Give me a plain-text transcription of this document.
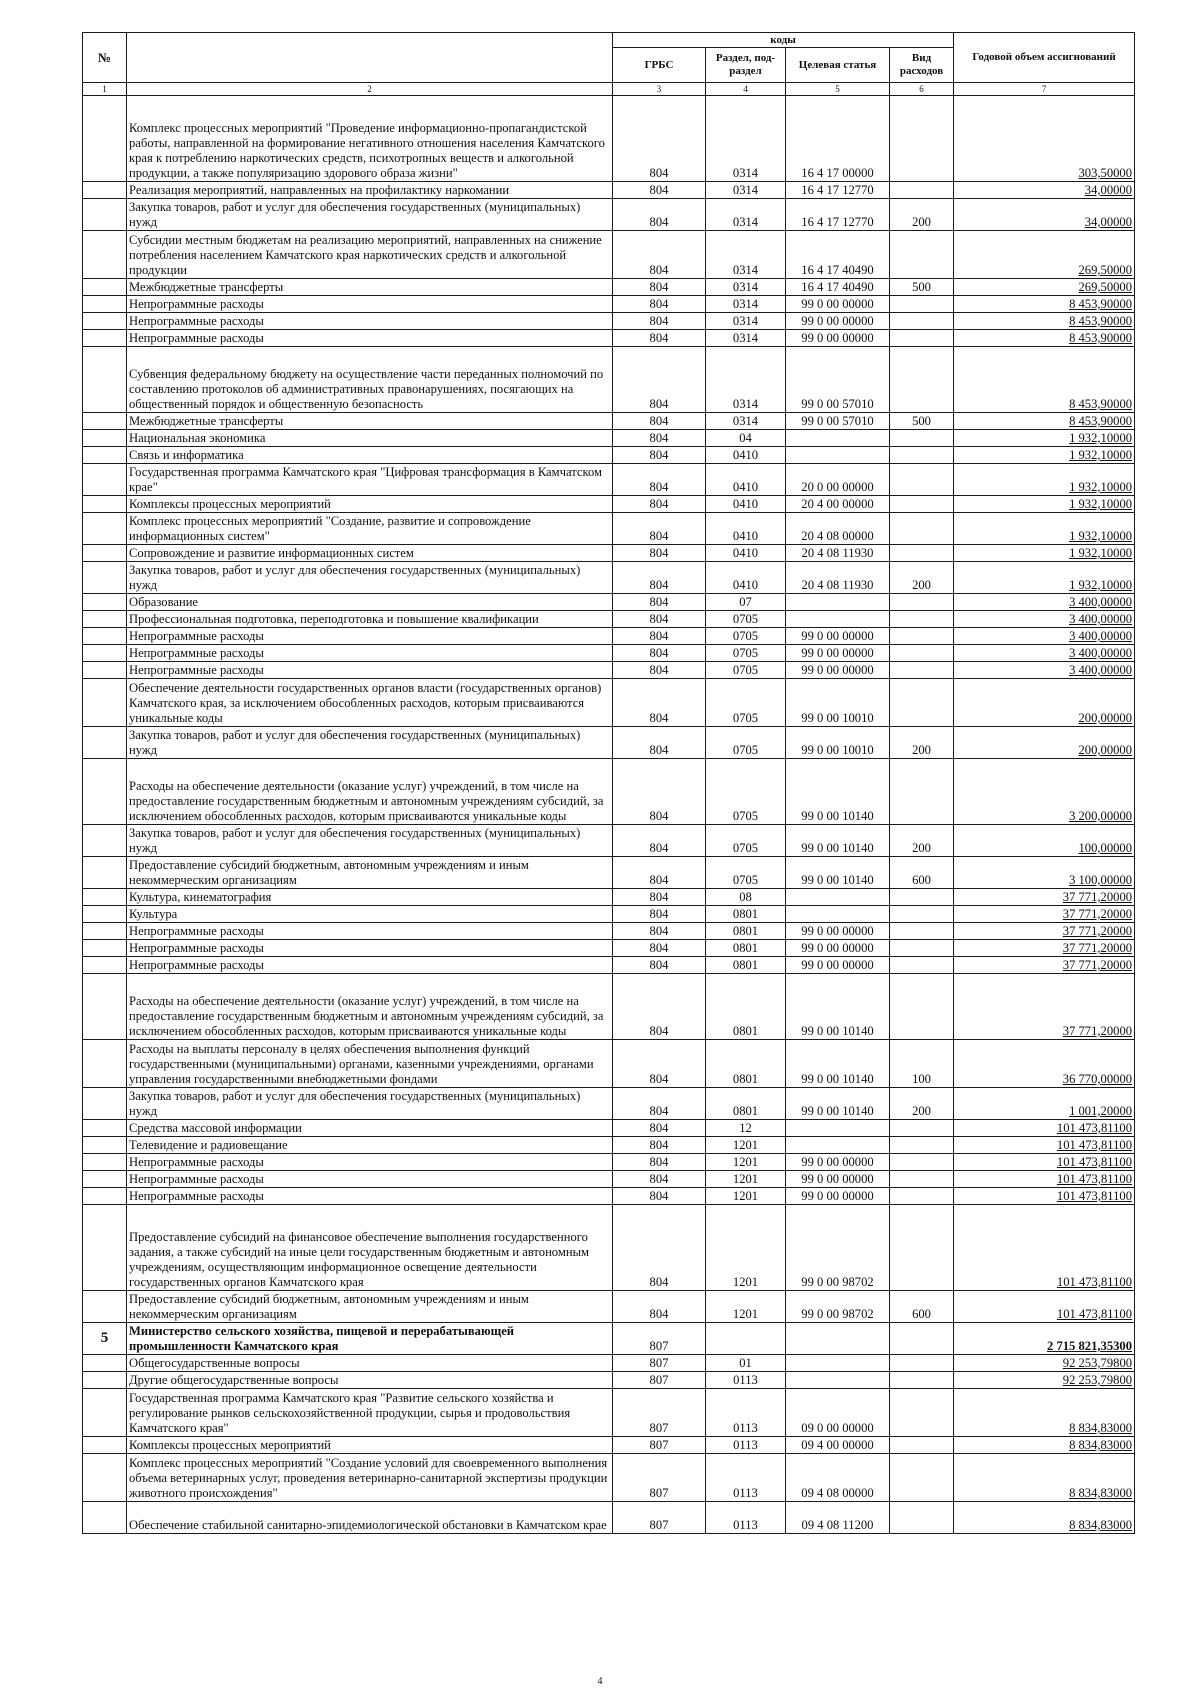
№		коды				Годовой объем ассигнований
		ГРБС	Раздел, под-раздел	Целевая статья	Вид расходов	
1	2	3	4	5	6	7
	Комплекс процессных мероприятий "Проведение информационно-пропагандистской работы, направленной на формирование негативного отношения населения Камчатского края к потреблению наркотических средств, психотропных веществ и алкогольной продукции, а также популяризацию здорового образа жизни"	804	0314	16 4 17 00000		303,50000
	Реализация мероприятий, направленных на профилактику наркомании	804	0314	16 4 17 12770		34,00000
	Закупка товаров, работ и услуг для обеспечения государственных (муниципальных) нужд	804	0314	16 4 17 12770	200	34,00000
	Субсидии местным бюджетам на реализацию мероприятий, направленных на снижение потребления населением Камчатского края наркотических средств и алкогольной продукции	804	0314	16 4 17 40490		269,50000
	Межбюджетные трансферты	804	0314	16 4 17 40490	500	269,50000
	Непрограммные расходы	804	0314	99 0 00 00000		8 453,90000
	Непрограммные расходы	804	0314	99 0 00 00000		8 453,90000
	Непрограммные расходы	804	0314	99 0 00 00000		8 453,90000
	Субвенция федеральному бюджету на осуществление части переданных полномочий по составлению протоколов об административных правонарушениях, посягающих на общественный порядок и общественную безопасность	804	0314	99 0 00 57010		8 453,90000
	Межбюджетные трансферты	804	0314	99 0 00 57010	500	8 453,90000
	Национальная экономика	804	04			1 932,10000
	Связь и информатика	804	0410			1 932,10000
	Государственная программа Камчатского края "Цифровая трансформация в Камчатском крае"	804	0410	20 0 00 00000		1 932,10000
	Комплексы процессных мероприятий	804	0410	20 4 00 00000		1 932,10000
	Комплекс процессных мероприятий "Создание, развитие и сопровождение информационных систем"	804	0410	20 4 08 00000		1 932,10000
	Сопровождение и развитие информационных систем	804	0410	20 4 08 11930		1 932,10000
	Закупка товаров, работ и услуг для обеспечения государственных (муниципальных) нужд	804	0410	20 4 08 11930	200	1 932,10000
	Образование	804	07			3 400,00000
	Профессиональная подготовка, переподготовка и повышение квалификации	804	0705			3 400,00000
	Непрограммные расходы	804	0705	99 0 00 00000		3 400,00000
	Непрограммные расходы	804	0705	99 0 00 00000		3 400,00000
	Непрограммные расходы	804	0705	99 0 00 00000		3 400,00000
	Обеспечение деятельности государственных органов власти (государственных органов) Камчатского края, за исключением обособленных расходов, которым присваиваются уникальные коды	804	0705	99 0 00 10010		200,00000
	Закупка товаров, работ и услуг для обеспечения государственных (муниципальных) нужд	804	0705	99 0 00 10010	200	200,00000
	Расходы на обеспечение деятельности (оказание услуг) учреждений, в том числе на предоставление государственным бюджетным и автономным учреждениям субсидий, за исключением обособленных расходов, которым присваиваются уникальные коды	804	0705	99 0 00 10140		3 200,00000
	Закупка товаров, работ и услуг для обеспечения государственных (муниципальных) нужд	804	0705	99 0 00 10140	200	100,00000
	Предоставление субсидий бюджетным, автономным учреждениям и иным некоммерческим организациям	804	0705	99 0 00 10140	600	3 100,00000
	Культура, кинематография	804	08			37 771,20000
	Культура	804	0801			37 771,20000
	Непрограммные расходы	804	0801	99 0 00 00000		37 771,20000
	Непрограммные расходы	804	0801	99 0 00 00000		37 771,20000
	Непрограммные расходы	804	0801	99 0 00 00000		37 771,20000
	Расходы на обеспечение деятельности (оказание услуг) учреждений, в том числе на предоставление государственным бюджетным и автономным учреждениям субсидий, за исключением обособленных расходов, которым присваиваются уникальные коды	804	0801	99 0 00 10140		37 771,20000
	Расходы на выплаты персоналу в целях обеспечения выполнения функций государственными (муниципальными) органами, казенными учреждениями, органами управления государственными внебюджетными фондами	804	0801	99 0 00 10140	100	36 770,00000
	Закупка товаров, работ и услуг для обеспечения государственных (муниципальных) нужд	804	0801	99 0 00 10140	200	1 001,20000
	Средства массовой информации	804	12			101 473,81100
	Телевидение и радиовещание	804	1201			101 473,81100
	Непрограммные расходы	804	1201	99 0 00 00000		101 473,81100
	Непрограммные расходы	804	1201	99 0 00 00000		101 473,81100
	Непрограммные расходы	804	1201	99 0 00 00000		101 473,81100
	Предоставление субсидий на финансовое обеспечение выполнения государственного задания, а также субсидий на иные цели государственным бюджетным и автономным учреждениям, осуществляющим информационное освещение деятельности государственных органов Камчатского края	804	1201	99 0 00 98702		101 473,81100
	Предоставление субсидий бюджетным, автономным учреждениям и иным некоммерческим организациям	804	1201	99 0 00 98702	600	101 473,81100
5	Министерство сельского хозяйства, пищевой и перерабатывающей промышленности Камчатского края	807				2 715 821,35300
	Общегосударственные вопросы	807	01			92 253,79800
	Другие общегосударственные вопросы	807	0113			92 253,79800
	Государственная программа Камчатского края "Развитие сельского хозяйства и регулирование рынков сельскохозяйственной продукции, сырья и продовольствия Камчатского края"	807	0113	09 0 00 00000		8 834,83000
	Комплексы процессных мероприятий	807	0113	09 4 00 00000		8 834,83000
	Комплекс процессных мероприятий "Создание условий для своевременного выполнения объема ветеринарных услуг, проведения ветеринарно-санитарной экспертизы продукции животного происхождения"	807	0113	09 4 08 00000		8 834,83000
	Обеспечение стабильной санитарно-эпидемиологической обстановки в Камчатском крае	807	0113	09 4 08 11200		8 834,83000
4
